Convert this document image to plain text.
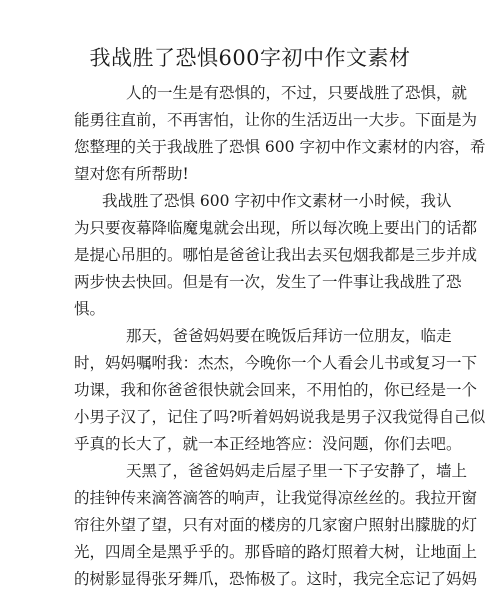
我战胜了恐惧600字初中作文素材
人的一生是有恐惧的，不过，只要战胜了恐惧，就
能勇往直前，不再害怕，让你的生活迈出一大步。下面是为
您整理的关于我战胜了恐惧 600 字初中作文素材的内容，希
望对您有所帮助!
我战胜了恐惧 600 字初中作文素材一小时候，我认
为只要夜幕降临魔鬼就会出现，所以每次晚上要出门的话都
是提心吊胆的。哪怕是爸爸让我出去买包烟我都是三步并成
两步快去快回。但是有一次，发生了一件事让我战胜了恐
惧。
那天，爸爸妈妈要在晚饭后拜访一位朋友，临走
时，妈妈嘱咐我：杰杰，今晚你一个人看会儿书或复习一下
功课，我和你爸爸很快就会回来，不用怕的，你已经是一个
小男子汉了，记住了吗?听着妈妈说我是男子汉我觉得自己似
乎真的长大了，就一本正经地答应：没问题，你们去吧。
天黑了，爸爸妈妈走后屋子里一下子安静了，墙上
的挂钟传来滴答滴答的响声，让我觉得凉丝丝的。我拉开窗
帘往外望了望，只有对面的楼房的几家窗户照射出朦胧的灯
光，四周全是黑乎乎的。那昏暗的路灯照着大树，让地面上
的树影显得张牙舞爪，恐怖极了。这时，我完全忘记了妈妈
